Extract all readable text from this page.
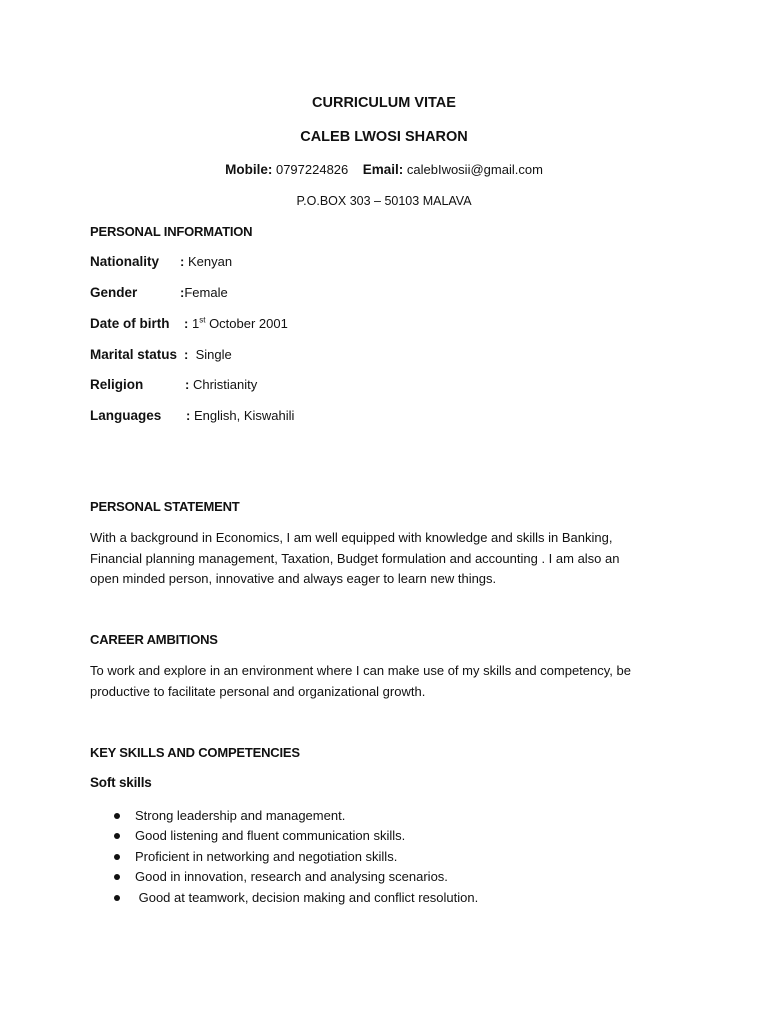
CURRICULUM VITAE
CALEB LWOSI SHARON
Mobile: 0797224826 Email: calebIwosii@gmail.com
P.O.BOX 303 – 50103 MALAVA
PERSONAL INFORMATION
Nationality : Kenyan
Gender	:Female
Date of birth : 1st October 2001
Marital status : Single
Religion	: Christianity
Languages : English, Kiswahili
PERSONAL STATEMENT
With a background in Economics, I am well equipped with knowledge and skills in Banking,
Financial planning management, Taxation, Budget formulation and accounting . I am also an
open minded person, innovative and always eager to learn new things.
CAREER AMBITIONS
To work and explore in an environment where I can make use of my skills and competency, be
productive to facilitate personal and organizational growth.
KEY SKILLS AND COMPETENCIES
Soft skills
Strong leadership and management.
Good listening and fluent communication skills.
Proficient in networking and negotiation skills.
Good in innovation, research and analysing scenarios.
Good at teamwork, decision making and conflict resolution.
